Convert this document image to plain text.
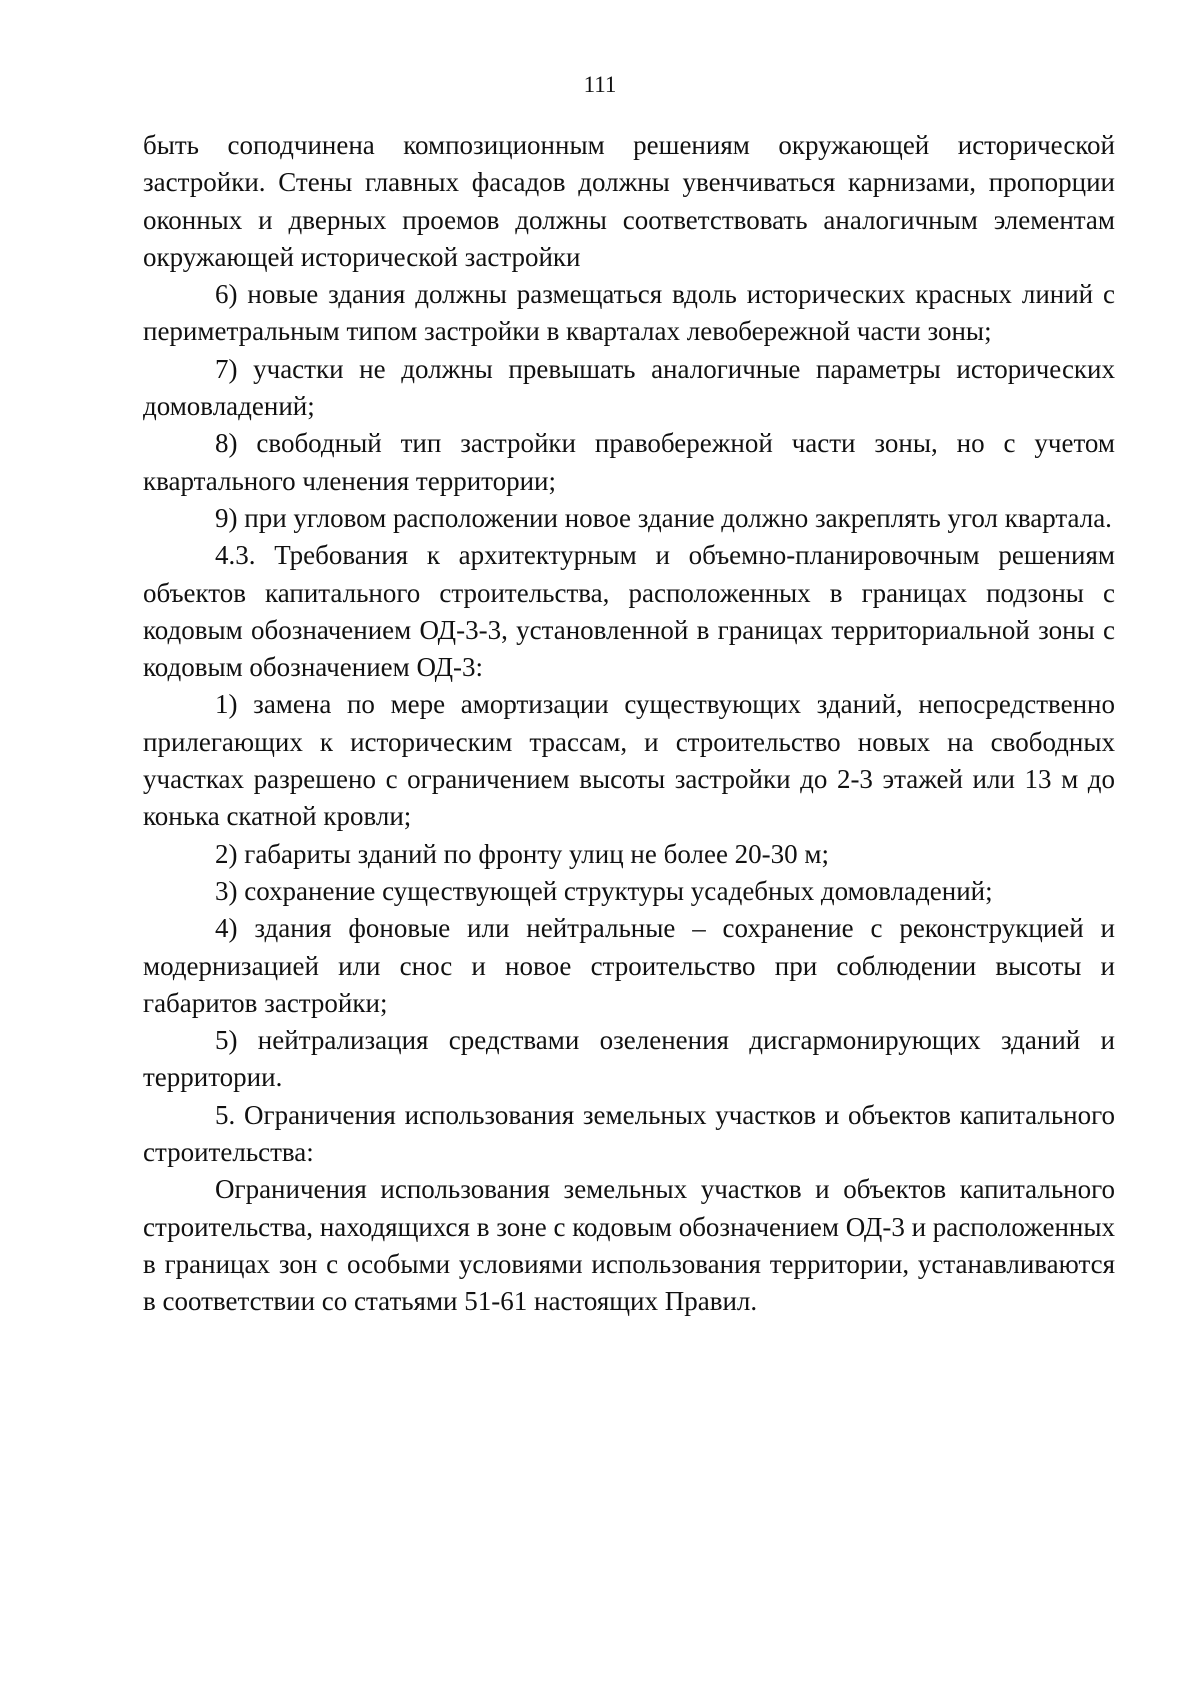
111

быть соподчинена композиционным решениям окружающей исторической застройки. Стены главных фасадов должны увенчиваться карнизами, пропорции оконных и дверных проемов должны соответствовать аналогичным элементам окружающей исторической застройки

6) новые здания должны размещаться вдоль исторических красных линий с периметральным типом застройки в кварталах левобережной части зоны;

7) участки не должны превышать аналогичные параметры исторических домовладений;

8) свободный тип застройки правобережной части зоны, но с учетом квартального членения территории;

9) при угловом расположении новое здание должно закреплять угол квартала.

4.3. Требования к архитектурным и объемно-планировочным решениям объектов капитального строительства, расположенных в границах подзоны с кодовым обозначением ОД-3-3, установленной в границах территориальной зоны с кодовым обозначением ОД-3:

1) замена по мере амортизации существующих зданий, непосредственно прилегающих к историческим трассам, и строительство новых на свободных участках разрешено с ограничением высоты застройки до 2-3 этажей или 13 м до конька скатной кровли;

2) габариты зданий по фронту улиц не более 20-30 м;

3) сохранение существующей структуры усадебных домовладений;

4) здания фоновые или нейтральные – сохранение с реконструкцией и модернизацией или снос и новое строительство при соблюдении высоты и габаритов застройки;

5) нейтрализация средствами озеленения дисгармонирующих зданий и территории.

5. Ограничения использования земельных участков и объектов капитального строительства:

Ограничения использования земельных участков и объектов капитального строительства, находящихся в зоне с кодовым обозначением ОД-3 и расположенных в границах зон с особыми условиями использования территории, устанавливаются в соответствии со статьями 51-61 настоящих Правил.
